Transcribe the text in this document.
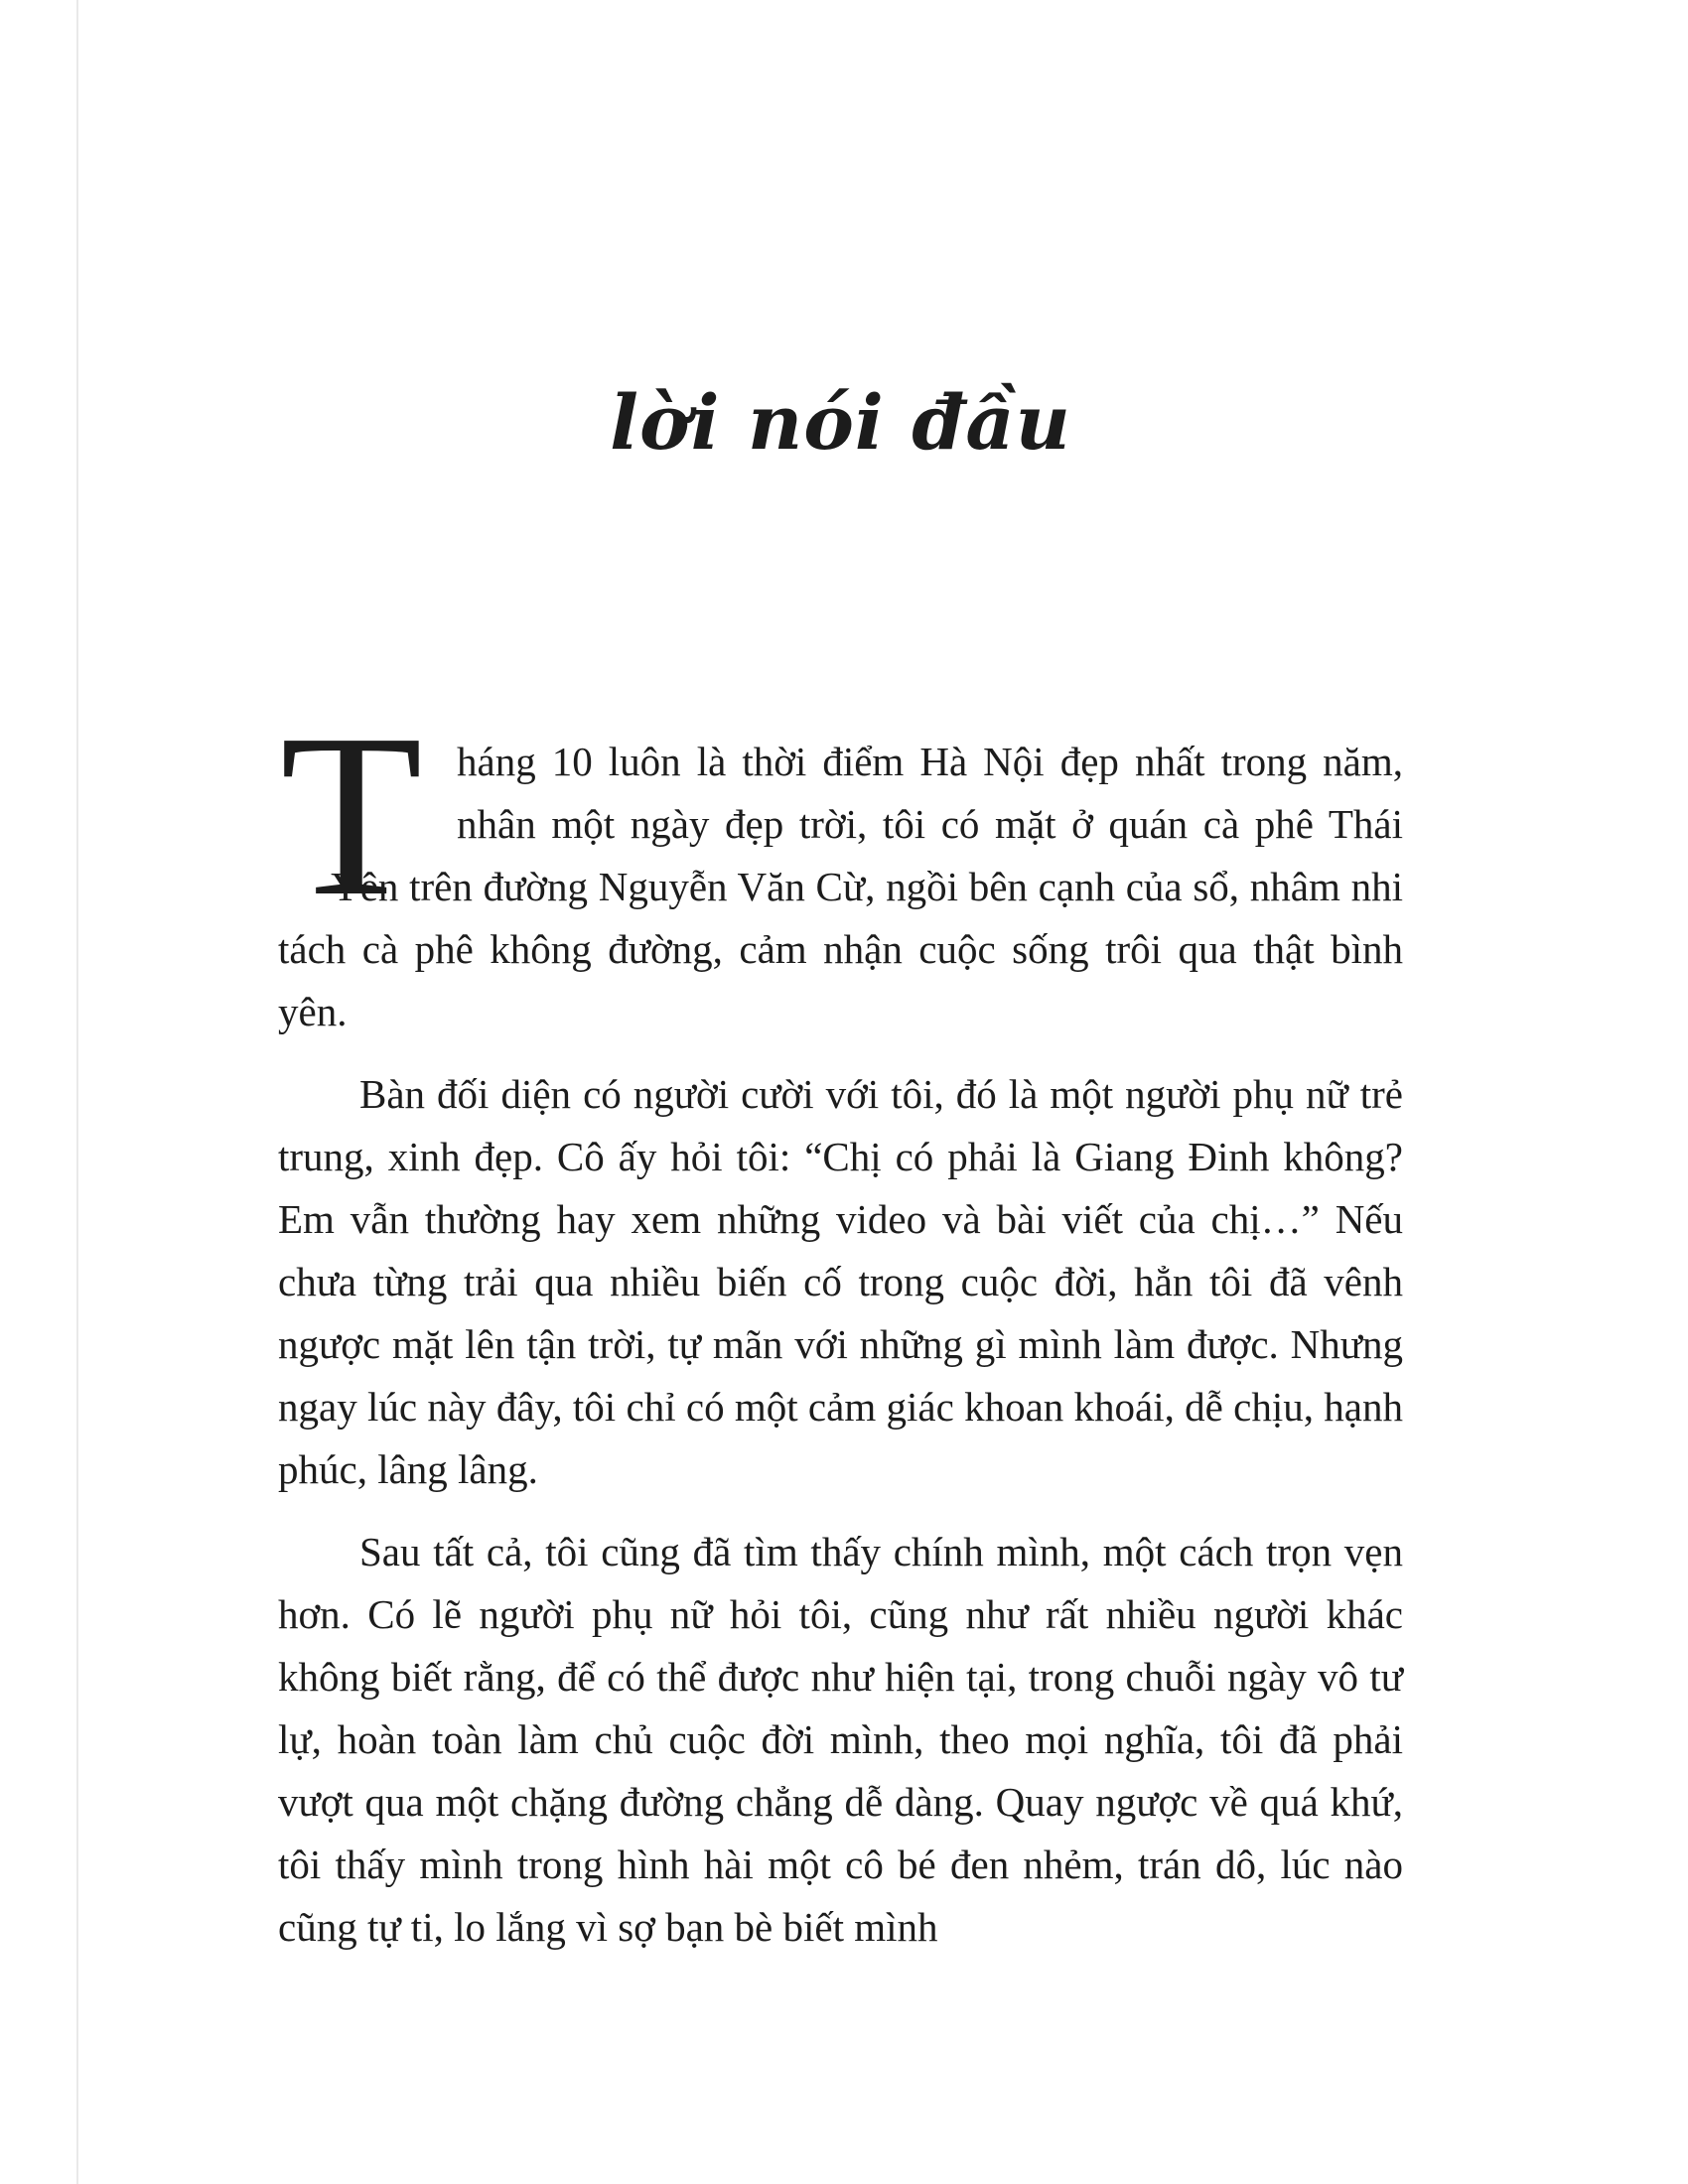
lời nói đầu

T háng 10 luôn là thời điểm Hà Nội đẹp nhất trong năm, nhân một ngày đẹp trời, tôi có mặt ở quán cà phê Thái Yên trên đường Nguyễn Văn Cừ, ngồi bên cạnh của sổ, nhâm nhi tách cà phê không đường, cảm nhận cuộc sống trôi qua thật bình yên.

Bàn đối diện có người cười với tôi, đó là một người phụ nữ trẻ trung, xinh đẹp. Cô ấy hỏi tôi: “Chị có phải là Giang Đinh không? Em vẫn thường hay xem những video và bài viết của chị…” Nếu chưa từng trải qua nhiều biến cố trong cuộc đời, hẳn tôi đã vênh ngược mặt lên tận trời, tự mãn với những gì mình làm được. Nhưng ngay lúc này đây, tôi chỉ có một cảm giác khoan khoái, dễ chịu, hạnh phúc, lâng lâng.

Sau tất cả, tôi cũng đã tìm thấy chính mình, một cách trọn vẹn hơn. Có lẽ người phụ nữ hỏi tôi, cũng như rất nhiều người khác không biết rằng, để có thể được như hiện tại, trong chuỗi ngày vô tư lự, hoàn toàn làm chủ cuộc đời mình, theo mọi nghĩa, tôi đã phải vượt qua một chặng đường chẳng dễ dàng. Quay ngược về quá khứ, tôi thấy mình trong hình hài một cô bé đen nhẻm, trán dô, lúc nào cũng tự ti, lo lắng vì sợ bạn bè biết mình
